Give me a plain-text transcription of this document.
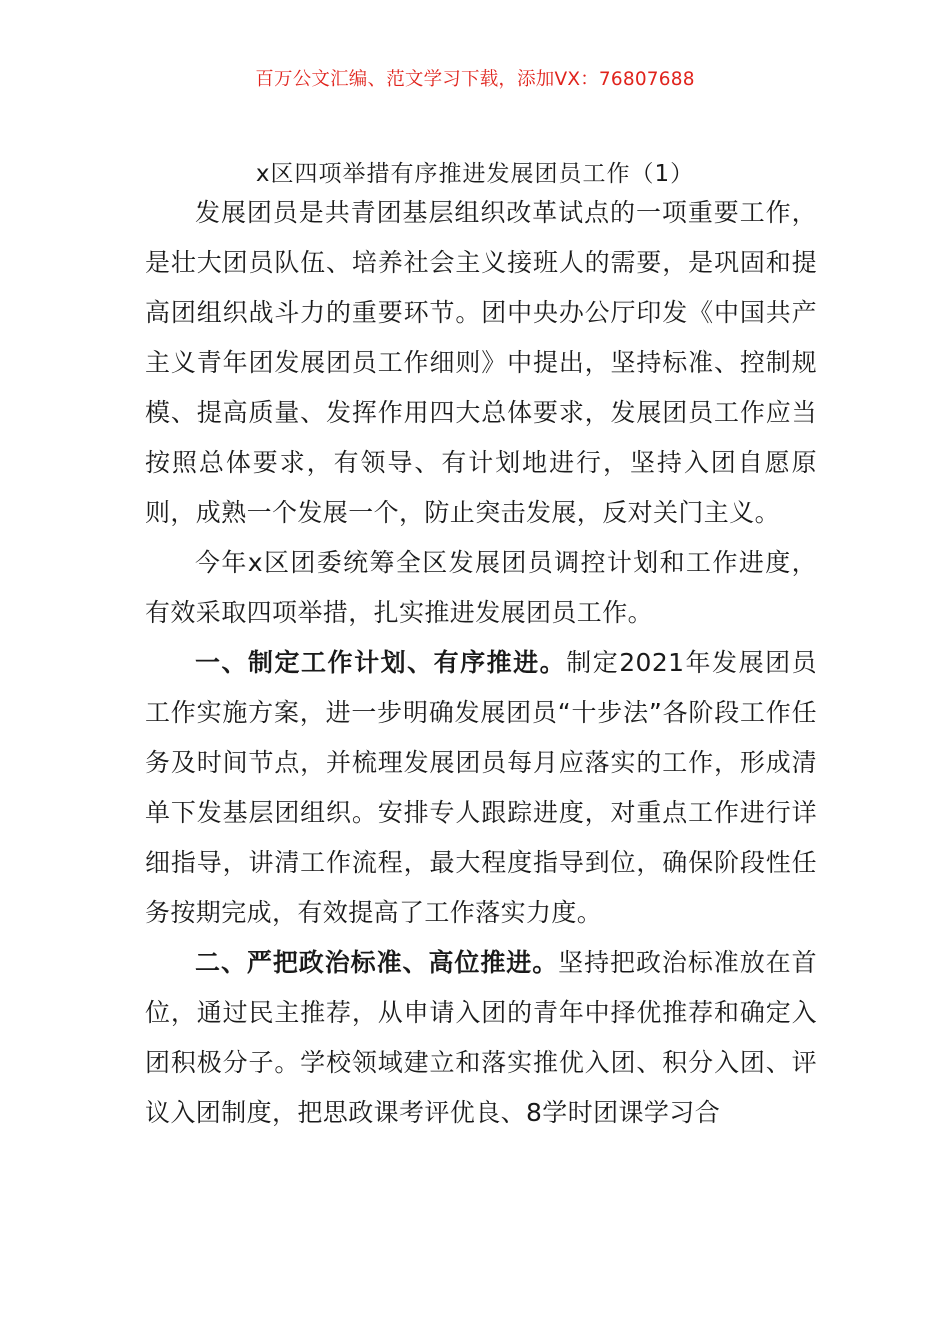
百万公文汇编、范文学习下载，添加VX：76807688
x区四项举措有序推进发展团员工作（1）

发展团员是共青团基层组织改革试点的一项重要工作，是壮大团员队伍、培养社会主义接班人的需要，是巩固和提高团组织战斗力的重要环节。团中央办公厅印发《中国共产主义青年团发展团员工作细则》中提出，坚持标准、控制规模、提高质量、发挥作用四大总体要求，发展团员工作应当按照总体要求，有领导、有计划地进行，坚持入团自愿原则，成熟一个发展一个，防止突击发展，反对关门主义。

今年x区团委统筹全区发展团员调控计划和工作进度，有效采取四项举措，扎实推进发展团员工作。

一、制定工作计划、有序推进。制定2021年发展团员工作实施方案，进一步明确发展团员“十步法”各阶段工作任务及时间节点，并梳理发展团员每月应落实的工作，形成清单下发基层团组织。安排专人跟踪进度，对重点工作进行详细指导，讲清工作流程，最大程度指导到位，确保阶段性任务按期完成，有效提高了工作落实力度。

二、严把政治标准、高位推进。坚持把政治标准放在首位，通过民主推荐，从申请入团的青年中择优推荐和确定入团积极分子。学校领域建立和落实推优入团、积分入团、评议入团制度，把思政课考评优良、8学时团课学习合
